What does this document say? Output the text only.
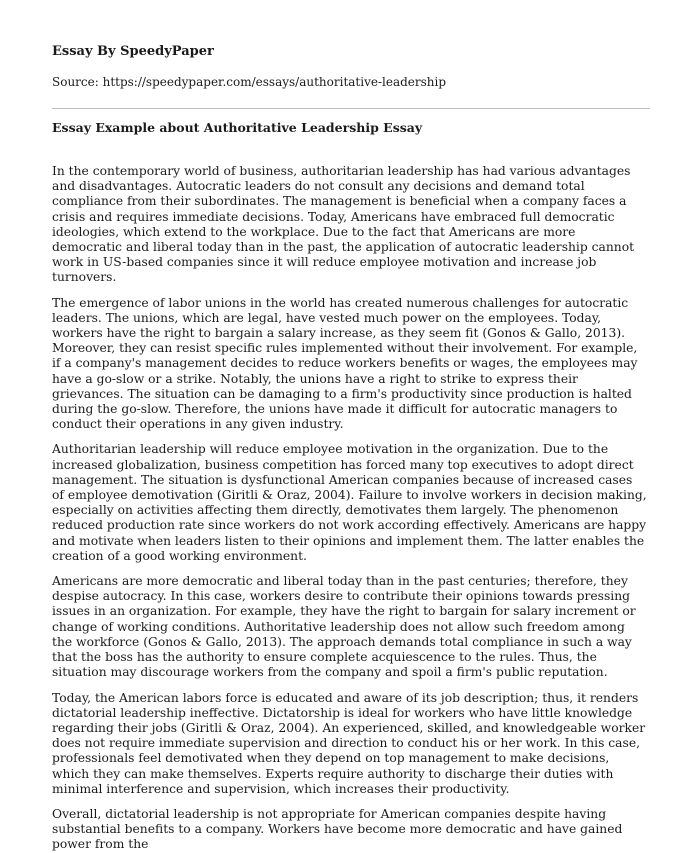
Essay By SpeedyPaper

Source: https://speedypaper.com/essays/authoritative-leadership

Essay Example about Authoritative Leadership Essay

In the contemporary world of business, authoritarian leadership has had various advantages and disadvantages. Autocratic leaders do not consult any decisions and demand total compliance from their subordinates. The management is beneficial when a company faces a crisis and requires immediate decisions. Today, Americans have embraced full democratic ideologies, which extend to the workplace. Due to the fact that Americans are more democratic and liberal today than in the past, the application of autocratic leadership cannot work in US-based companies since it will reduce employee motivation and increase job turnovers.

The emergence of labor unions in the world has created numerous challenges for autocratic leaders. The unions, which are legal, have vested much power on the employees. Today, workers have the right to bargain a salary increase, as they seem fit (Gonos & Gallo, 2013). Moreover, they can resist specific rules implemented without their involvement. For example, if a company's management decides to reduce workers benefits or wages, the employees may have a go-slow or a strike. Notably, the unions have a right to strike to express their grievances. The situation can be damaging to a firm's productivity since production is halted during the go-slow. Therefore, the unions have made it difficult for autocratic managers to conduct their operations in any given industry.

Authoritarian leadership will reduce employee motivation in the organization. Due to the increased globalization, business competition has forced many top executives to adopt direct management. The situation is dysfunctional American companies because of increased cases of employee demotivation (Giritli & Oraz, 2004). Failure to involve workers in decision making, especially on activities affecting them directly, demotivates them largely. The phenomenon reduced production rate since workers do not work according effectively. Americans are happy and motivate when leaders listen to their opinions and implement them. The latter enables the creation of a good working environment.

Americans are more democratic and liberal today than in the past centuries; therefore, they despise autocracy. In this case, workers desire to contribute their opinions towards pressing issues in an organization. For example, they have the right to bargain for salary increment or change of working conditions. Authoritative leadership does not allow such freedom among the workforce (Gonos & Gallo, 2013). The approach demands total compliance in such a way that the boss has the authority to ensure complete acquiescence to the rules. Thus, the situation may discourage workers from the company and spoil a firm's public reputation.

Today, the American labors force is educated and aware of its job description; thus, it renders dictatorial leadership ineffective. Dictatorship is ideal for workers who have little knowledge regarding their jobs (Giritli & Oraz, 2004). An experienced, skilled, and knowledgeable worker does not require immediate supervision and direction to conduct his or her work. In this case, professionals feel demotivated when they depend on top management to make decisions, which they can make themselves. Experts require authority to discharge their duties with minimal interference and supervision, which increases their productivity.

Overall, dictatorial leadership is not appropriate for American companies despite having substantial benefits to a company. Workers have become more democratic and have gained power from the
